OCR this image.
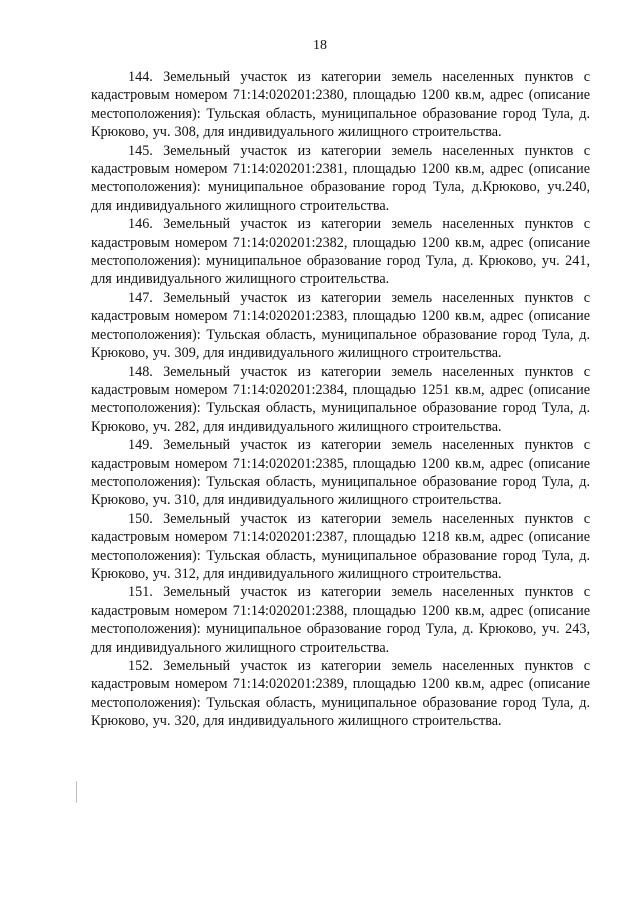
18

144. Земельный участок из категории земель населенных пунктов с кадастровым номером 71:14:020201:2380, площадью 1200 кв.м, адрес (описание местоположения): Тульская область, муниципальное образование город Тула, д. Крюково, уч. 308, для индивидуального жилищного строительства.

145. Земельный участок из категории земель населенных пунктов с кадастровым номером 71:14:020201:2381, площадью 1200 кв.м, адрес (описание местоположения): муниципальное образование город Тула, д.Крюково, уч.240, для индивидуального жилищного строительства.

146. Земельный участок из категории земель населенных пунктов с кадастровым номером 71:14:020201:2382, площадью 1200 кв.м, адрес (описание местоположения): муниципальное образование город Тула, д. Крюково, уч. 241, для индивидуального жилищного строительства.

147. Земельный участок из категории земель населенных пунктов с кадастровым номером 71:14:020201:2383, площадью 1200 кв.м, адрес (описание местоположения): Тульская область, муниципальное образование город Тула, д. Крюково, уч. 309, для индивидуального жилищного строительства.

148. Земельный участок из категории земель населенных пунктов с кадастровым номером 71:14:020201:2384, площадью 1251 кв.м, адрес (описание местоположения): Тульская область, муниципальное образование город Тула, д. Крюково, уч. 282, для индивидуального жилищного строительства.

149. Земельный участок из категории земель населенных пунктов с кадастровым номером 71:14:020201:2385, площадью 1200 кв.м, адрес (описание местоположения): Тульская область, муниципальное образование город Тула, д. Крюково, уч. 310, для индивидуального жилищного строительства.

150. Земельный участок из категории земель населенных пунктов с кадастровым номером 71:14:020201:2387, площадью 1218 кв.м, адрес (описание местоположения): Тульская область, муниципальное образование город Тула, д. Крюково, уч. 312, для индивидуального жилищного строительства.

151. Земельный участок из категории земель населенных пунктов с кадастровым номером 71:14:020201:2388, площадью 1200 кв.м, адрес (описание местоположения): муниципальное образование город Тула, д. Крюково, уч. 243, для индивидуального жилищного строительства.

152. Земельный участок из категории земель населенных пунктов с кадастровым номером 71:14:020201:2389, площадью 1200 кв.м, адрес (описание местоположения): Тульская область, муниципальное образование город Тула, д. Крюково, уч. 320, для индивидуального жилищного строительства.
